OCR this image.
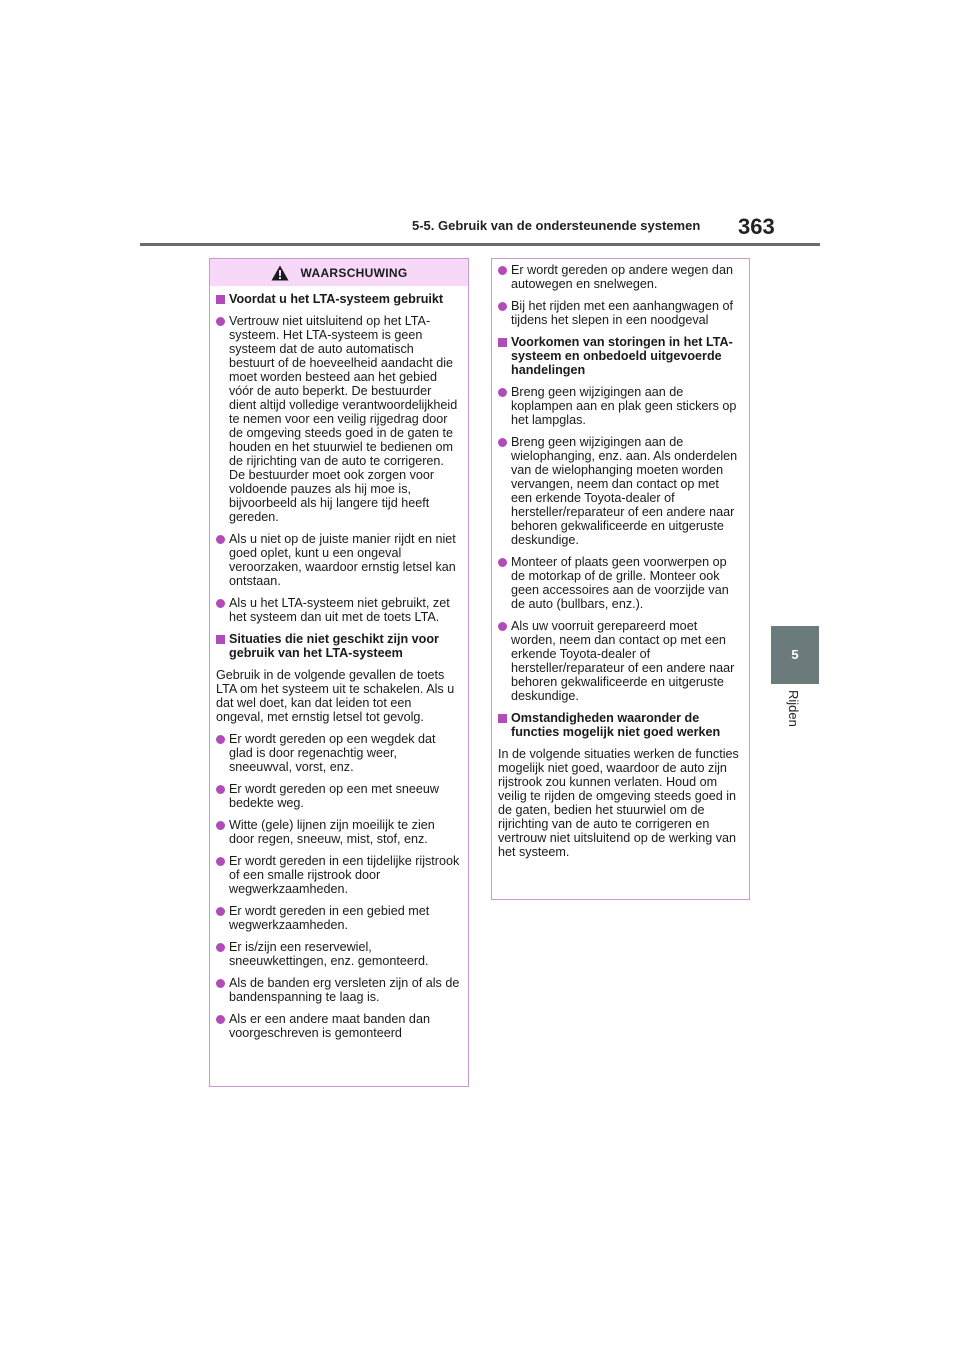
5-5. Gebruik van de ondersteunende systemen 363
5
Rijden
WAARSCHUWING
Voordat u het LTA-systeem gebruikt
Vertrouw niet uitsluitend op het LTA-systeem. Het LTA-systeem is geen systeem dat de auto automatisch bestuurt of de hoeveelheid aandacht die moet worden besteed aan het gebied vóór de auto beperkt. De bestuurder dient altijd volledige verantwoordelijkheid te nemen voor een veilig rijgedrag door de omgeving steeds goed in de gaten te houden en het stuurwiel te bedienen om de rijrichting van de auto te corrigeren. De bestuurder moet ook zorgen voor voldoende pauzes als hij moe is, bijvoorbeeld als hij langere tijd heeft gereden.
Als u niet op de juiste manier rijdt en niet goed oplet, kunt u een ongeval veroorzaken, waardoor ernstig letsel kan ontstaan.
Als u het LTA-systeem niet gebruikt, zet het systeem dan uit met de toets LTA.
Situaties die niet geschikt zijn voor gebruik van het LTA-systeem
Gebruik in de volgende gevallen de toets LTA om het systeem uit te schakelen. Als u dat wel doet, kan dat leiden tot een ongeval, met ernstig letsel tot gevolg.
Er wordt gereden op een wegdek dat glad is door regenachtig weer, sneeuwval, vorst, enz.
Er wordt gereden op een met sneeuw bedekte weg.
Witte (gele) lijnen zijn moeilijk te zien door regen, sneeuw, mist, stof, enz.
Er wordt gereden in een tijdelijke rijstrook of een smalle rijstrook door wegwerkzaamheden.
Er wordt gereden in een gebied met wegwerkzaamheden.
Er is/zijn een reservewiel, sneeuwkettingen, enz. gemonteerd.
Als de banden erg versleten zijn of als de bandenspanning te laag is.
Als er een andere maat banden dan voorgeschreven is gemonteerd
Er wordt gereden op andere wegen dan autowegen en snelwegen.
Bij het rijden met een aanhangwagen of tijdens het slepen in een noodgeval
Voorkomen van storingen in het LTA-systeem en onbedoeld uitgevoerde handelingen
Breng geen wijzigingen aan de koplampen aan en plak geen stickers op het lampglas.
Breng geen wijzigingen aan de wielophanging, enz. aan. Als onderdelen van de wielophanging moeten worden vervangen, neem dan contact op met een erkende Toyota-dealer of hersteller/reparateur of een andere naar behoren gekwalificeerde en uitgeruste deskundige.
Monteer of plaats geen voorwerpen op de motorkap of de grille. Monteer ook geen accessoires aan de voorzijde van de auto (bullbars, enz.).
Als uw voorruit gerepareerd moet worden, neem dan contact op met een erkende Toyota-dealer of hersteller/reparateur of een andere naar behoren gekwalificeerde en uitgeruste deskundige.
Omstandigheden waaronder de functies mogelijk niet goed werken
In de volgende situaties werken de functies mogelijk niet goed, waardoor de auto zijn rijstrook zou kunnen verlaten. Houd om veilig te rijden de omgeving steeds goed in de gaten, bedien het stuurwiel om de rijrichting van de auto te corrigeren en vertrouw niet uitsluitend op de werking van het systeem.
